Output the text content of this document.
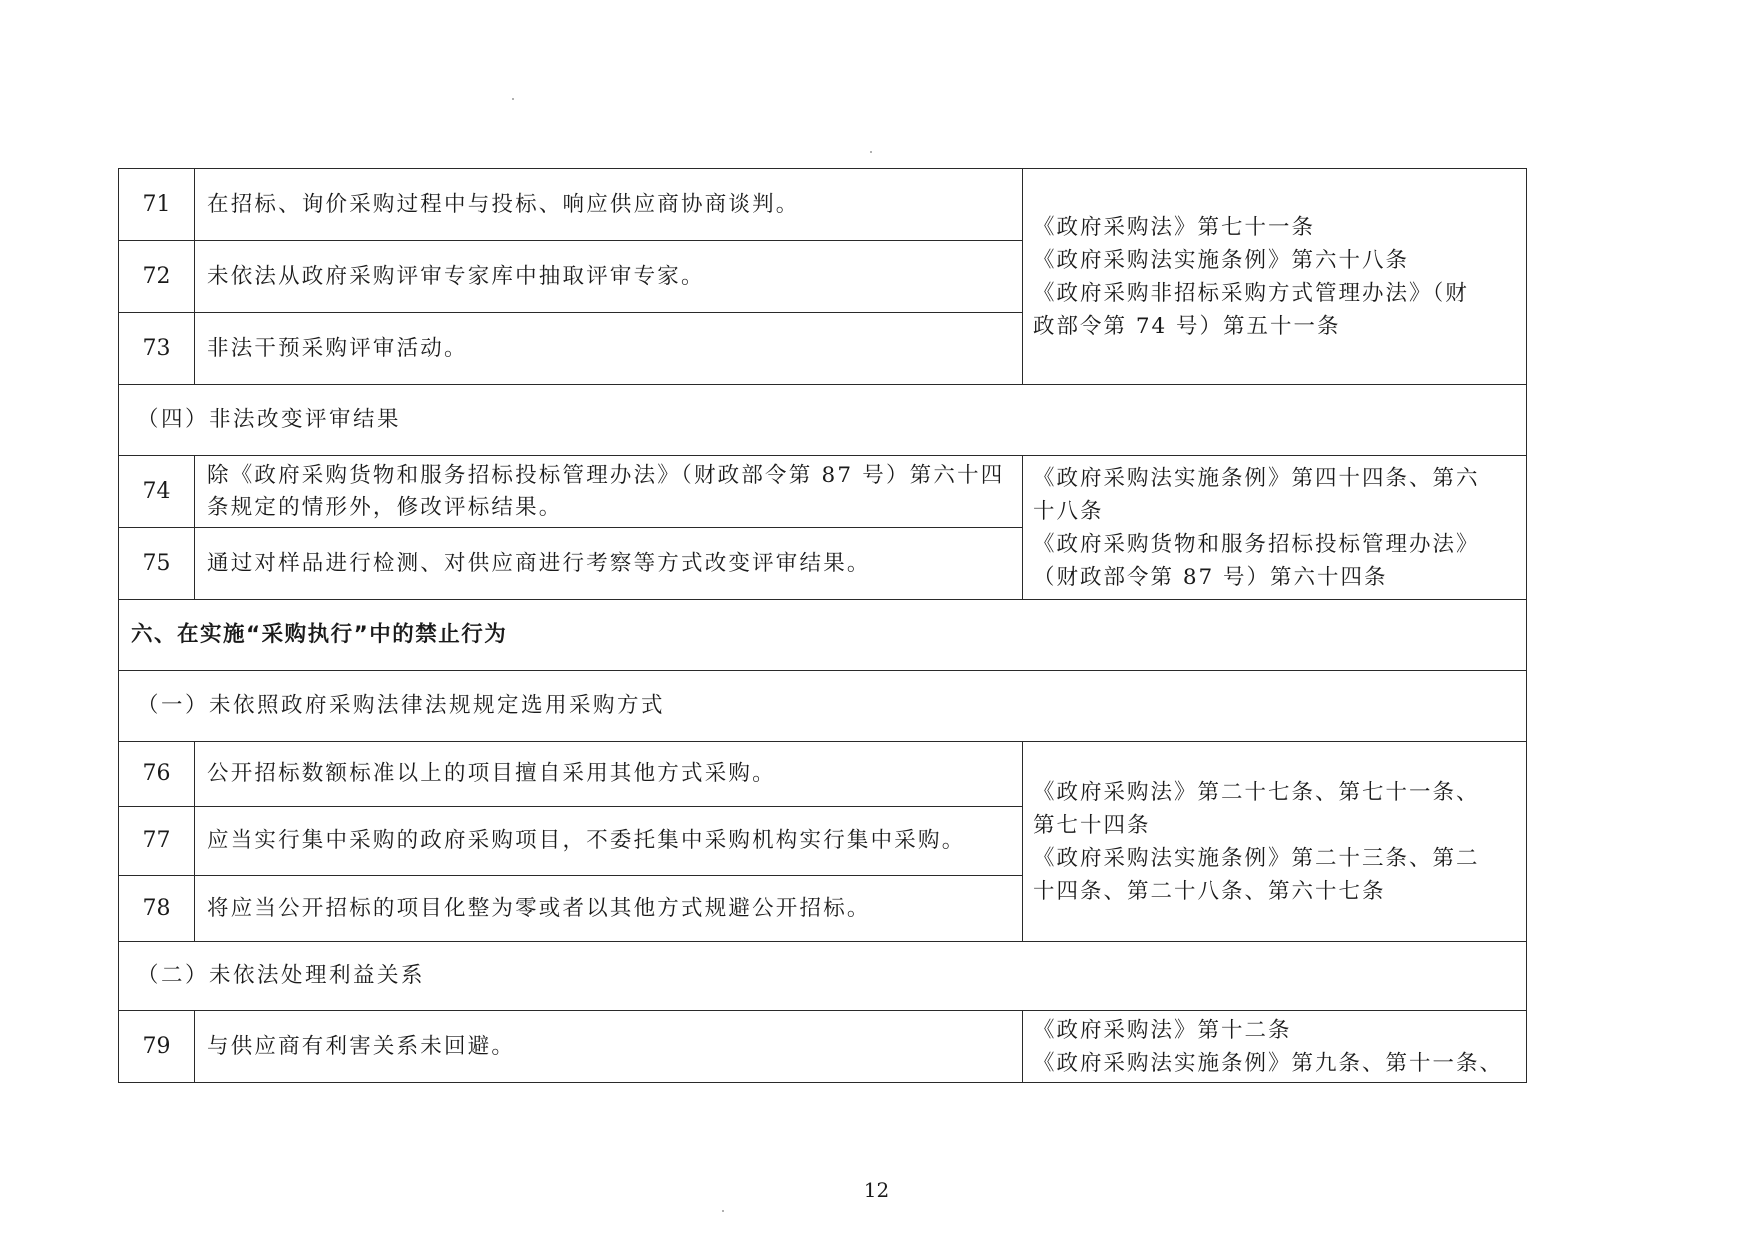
71	在招标、询价采购过程中与投标、响应供应商协商谈判。	《政府采购法》第七十一条
《政府采购法实施条例》第六十八条
《政府采购非招标采购方式管理办法》（财
政部令第 74 号）第五十一条

72	未依法从政府采购评审专家库中抽取评审专家。	
73	非法干预采购评审活动。	
（四）非法改变评审结果		
74	除《政府采购货物和服务招标投标管理办法》（财政部令第 87 号）第六十四条规定的情形外，修改评标结果。	《政府采购法实施条例》第四十四条、第六
十八条
《政府采购货物和服务招标投标管理办法》
（财政部令第 87 号）第六十四条

75	通过对样品进行检测、对供应商进行考察等方式改变评审结果。	
六、在实施“采购执行”中的禁止行为		
（一）未依照政府采购法律法规规定选用采购方式		
76	公开招标数额标准以上的项目擅自采用其他方式采购。	《政府采购法》第二十七条、第七十一条、
第七十四条
《政府采购法实施条例》第二十三条、第二
十四条、第二十八条、第六十七条

77	应当实行集中采购的政府采购项目，不委托集中采购机构实行集中采购。	
78	将应当公开招标的项目化整为零或者以其他方式规避公开招标。	
（二）未依法处理利益关系		
79	与供应商有利害关系未回避。	《政府采购法》第十二条
《政府采购法实施条例》第九条、第十一条、
12
